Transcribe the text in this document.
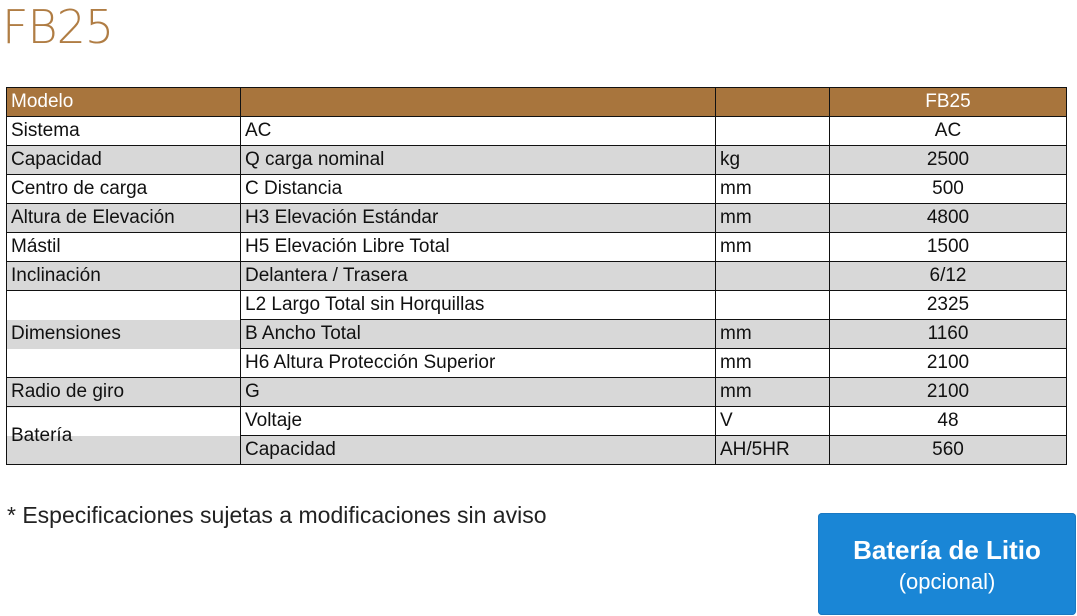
FB25
Modelo			FB25
Sistema	AC		AC
Capacidad	Q carga nominal	kg	2500
Centro de carga	C Distancia	mm	500
Altura de Elevación	H3 Elevación Estándar	mm	4800
Mástil	H5 Elevación Libre Total	mm	1500
Inclinación	Delantera / Trasera		6/12
Dimensiones	L2 Largo Total sin Horquillas		2325
	B Ancho Total	mm	1160
	H6 Altura Protección Superior	mm	2100
Radio de giro	G	mm	2100
Batería	Voltaje	V	48
	Capacidad	AH/5HR	560
* Especificaciones sujetas a modificaciones sin aviso
Batería de Litio
(opcional)
